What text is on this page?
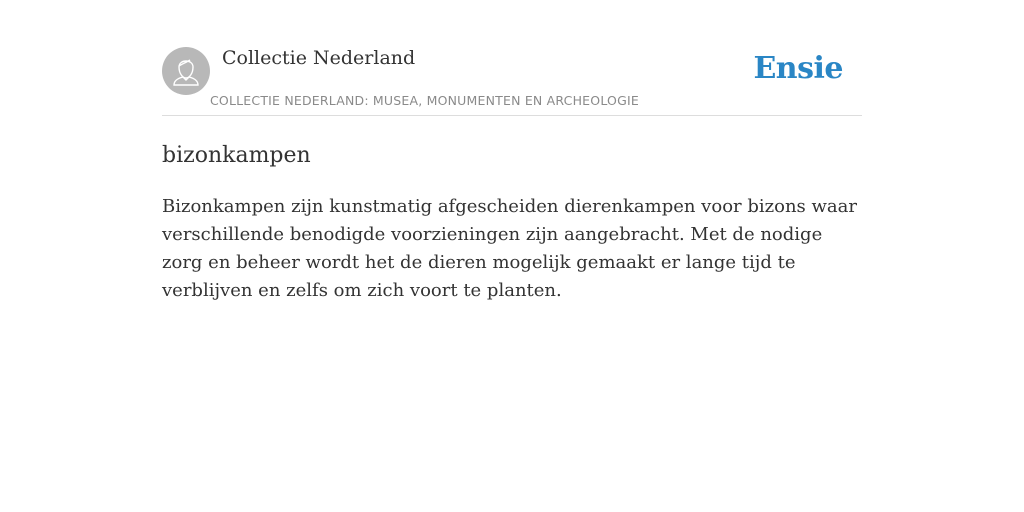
Collectie Nederland
COLLECTIE NEDERLAND: MUSEA, MONUMENTEN EN ARCHEOLOGIE
Ensie
bizonkampen

Bizonkampen zijn kunstmatig afgescheiden dierenkampen voor bizons waar verschillende benodigde voorzieningen zijn aangebracht. Met de nodige zorg en beheer wordt het de dieren mogelijk gemaakt er lange tijd te verblijven en zelfs om zich voort te planten.
